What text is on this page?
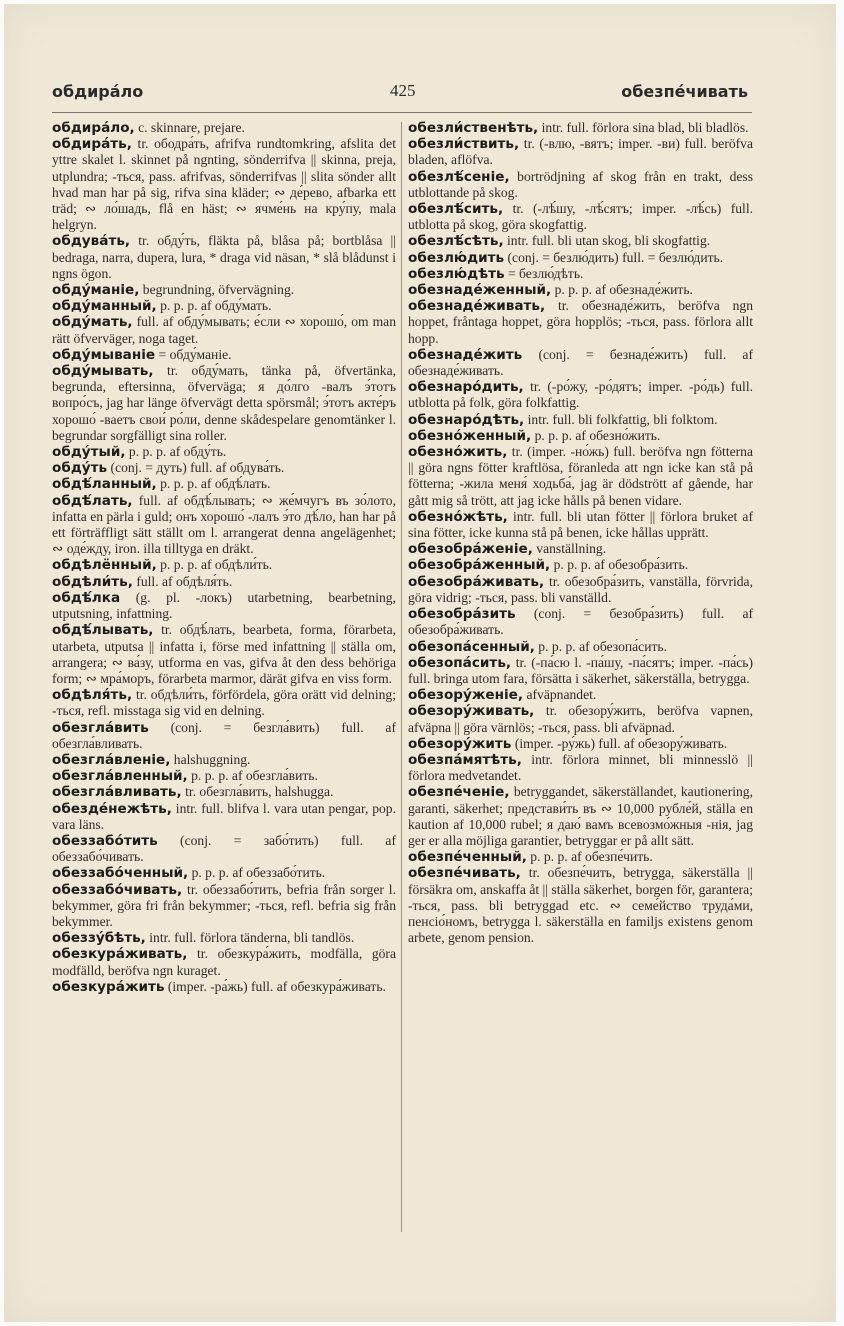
обдира́ло	425	обезпе́чивать

обдира́ло, c. skinnare, prejare.

обдира́ть, tr. ободра́ть, afrifva rundtomkring, afslita det yttre skalet l. skinnet på ngnting, sönderrifva || skinna, preja, utplundra; -ться, pass. afrifvas, sönderrifvas || slita sönder allt hvad man har på sig, rifva sina kläder; ∾ де́рево, afbarka ett träd; ∾ ло́шадь, flå en häst; ∾ ячме́нь на кру́пу, mala helgryn.

обдува́ть, tr. обду́ть, fläkta på, blåsa på; bortblåsa || bedraga, narra, dupera, lura, * draga vid näsan, * slå blådunst i ngns ögon.

обду́маніе, begrundning, öfvervägning.

обду́манный, p. p. p. af обду́мать.

обду́мать, full. af обду́мывать; е́сли ∾ хорошо́, om man rätt öfverväger, noga taget.

обду́мываніе = обду́маніе.

обду́мывать, tr. обду́мать, tänka på, öfvertänka, begrunda, eftersinna, öfverväga; я до́лго -валъ э́тотъ вопро́съ, jag har länge öfvervägt detta spörsmål; э́тотъ акте́ръ хорошо́ -ваетъ свои́ ро́ли, denne skådespelare genomtänker l. begrundar sorgfälligt sina roller.

обду́тый, p. p. p. af обду́ть.

обду́ть (conj. = дуть) full. af обдува́ть.

обдѣ́ланный, p. p. p. af обдѣ́лать.

обдѣ́лать, full. af обдѣ́лывать; ∾ же́мчугъ въ зо́лото, infatta en pärla i guld; онъ хорошо́ -лалъ э́то дѣ́ло, han har på ett förträffligt sätt ställt om l. arrangerat denna angelägenhet; ∾ оде́жду, iron. illa tilltyga en dräkt.

обдѣлённый, p. p. p. af обдѣли́ть.

обдѣли́ть, full. af обдѣля́ть.

обдѣ́лка (g. pl. -локъ) utarbetning, bearbetning, utputsning, infattning.

обдѣ́лывать, tr. обдѣ́лать, bearbeta, forma, förarbeta, utarbeta, utputsa || infatta i, förse med infattning || ställa om, arrangera; ∾ ва́зу, utforma en vas, gifva åt den dess behöriga form; ∾ мра́моръ, förarbeta marmor, därät gifva en viss form.

обдѣля́ть, tr. обдѣли́ть, förfördela, göra orätt vid delning; -ться, refl. misstaga sig vid en delning.

обезгла́вить (conj. = безгла́вить) full. af обезгла́вливать.

обезгла́вленіе, halshuggning.

обезгла́вленный, p. p. p. af обезгла́вить.

обезгла́вливать, tr. обезгла́вить, halshugga.

обезде́нежѣть, intr. full. blifva l. vara utan pengar, pop. vara läns.

обеззабо́тить (conj. = забо́тить) full. af обеззабо́чивать.

обеззабо́ченный, p. p. p. af обеззабо́тить.

обеззабо́чивать, tr. обеззабо́тить, befria från sorger l. bekymmer, göra fri från bekymmer; -ться, refl. befria sig från bekymmer.

обеззу́бѣть, intr. full. förlora tänderna, bli tandlös.

обезкура́живать, tr. обезкура́жить, modfälla, göra modfälld, beröfva ngn kuraget.

обезкура́жить (imper. -ра́жь) full. af обезкура́живать.

обезли́ственѣть, intr. full. förlora sina blad, bli bladlös.

обезли́ствить, tr. (-влю, -вятъ; imper. -ви) full. beröfva bladen, aflöfva.

обезлѣ́сеніе, bortrödjning af skog från en trakt, dess utblottande på skog.

обезлѣ́сить, tr. (-лѣ́шу, -лѣ́сятъ; imper. -лѣ́сь) full. utblotta på skog, göra skogfattig.

обезлѣ́сѣть, intr. full. bli utan skog, bli skogfattig.

обезлю́дить (conj. = безлю́дить) full. = безлю́дить.

обезлю́дѣть = безлю́дѣть.

обезнаде́женный, p. p. p. af обезнаде́жить.

обезнаде́живать, tr. обезнаде́жить, beröfva ngn hoppet, fråntaga hoppet, göra hopplös; -ться, pass. förlora allt hopp.

обезнаде́жить (conj. = безнаде́жить) full. af обезнаде́живать.

обезнаро́дить, tr. (-ро́жу, -ро́дятъ; imper. -ро́дь) full. utblotta på folk, göra folkfattig.

обезнаро́дѣть, intr. full. bli folkfattig, bli folktom.

обезно́женный, p. p. p. af обезно́жить.

обезно́жить, tr. (imper. -но́жь) full. beröfva ngn fötterna || göra ngns fötter kraftlösa, föranleda att ngn icke kan stå på fötterna; -жила меня́ ходьба́, jag är dödstrött af gående, har gått mig så trött, att jag icke hålls på benen vidare.

обезно́жѣть, intr. full. bli utan fötter || förlora bruket af sina fötter, icke kunna stå på benen, icke hållas upprätt.

обезобра́женіе, vanställning.

обезобра́женный, p. p. p. af обезобра́зить.

обезобра́живать, tr. обезобра́зить, vanställa, förvrida, göra vidrig; -ться, pass. bli vanställd.

обезобра́зить (conj. = безобра́зить) full. af обезобра́живать.

обезопа́сенный, p. p. p. af обезопа́сить.

обезопа́сить, tr. (-па́сю l. -па́шу, -па́сятъ; imper. -па́сь) full. bringa utom fara, försätta i säkerhet, säkerställa, betrygga.

обезору́женіе, afväpnandet.

обезору́живать, tr. обезору́жить, beröfva vapnen, afväpna || göra värnlös; -ться, pass. bli afväpnad.

обезору́жить (imper. -ру́жь) full. af обезору́живать.

обезпа́мятѣть, intr. förlora minnet, bli minnesslö || förlora medvetandet.

обезпе́ченіе, betryggandet, säkerställandet, kautionering, garanti, säkerhet; представи́ть въ ∾ 10,000 рубле́й, ställa en kaution af 10,000 rubel; я даю́ вамъ всевозмо́жныя -нія, jag ger er alla möjliga garantier, betryggar er på allt sätt.

обезпе́ченный, p. p. p. af обезпе́чить.

обезпе́чивать, tr. обезпе́чить, betrygga, säkerställa || försäkra om, anskaffa åt || ställa säkerhet, borgen för, garantera; -ться, pass. bli betryggad etc. ∾ семе́йство труда́ми, пенсіо́номъ, betrygga l. säkerställa en familjs existens genom arbete, genom pension.
